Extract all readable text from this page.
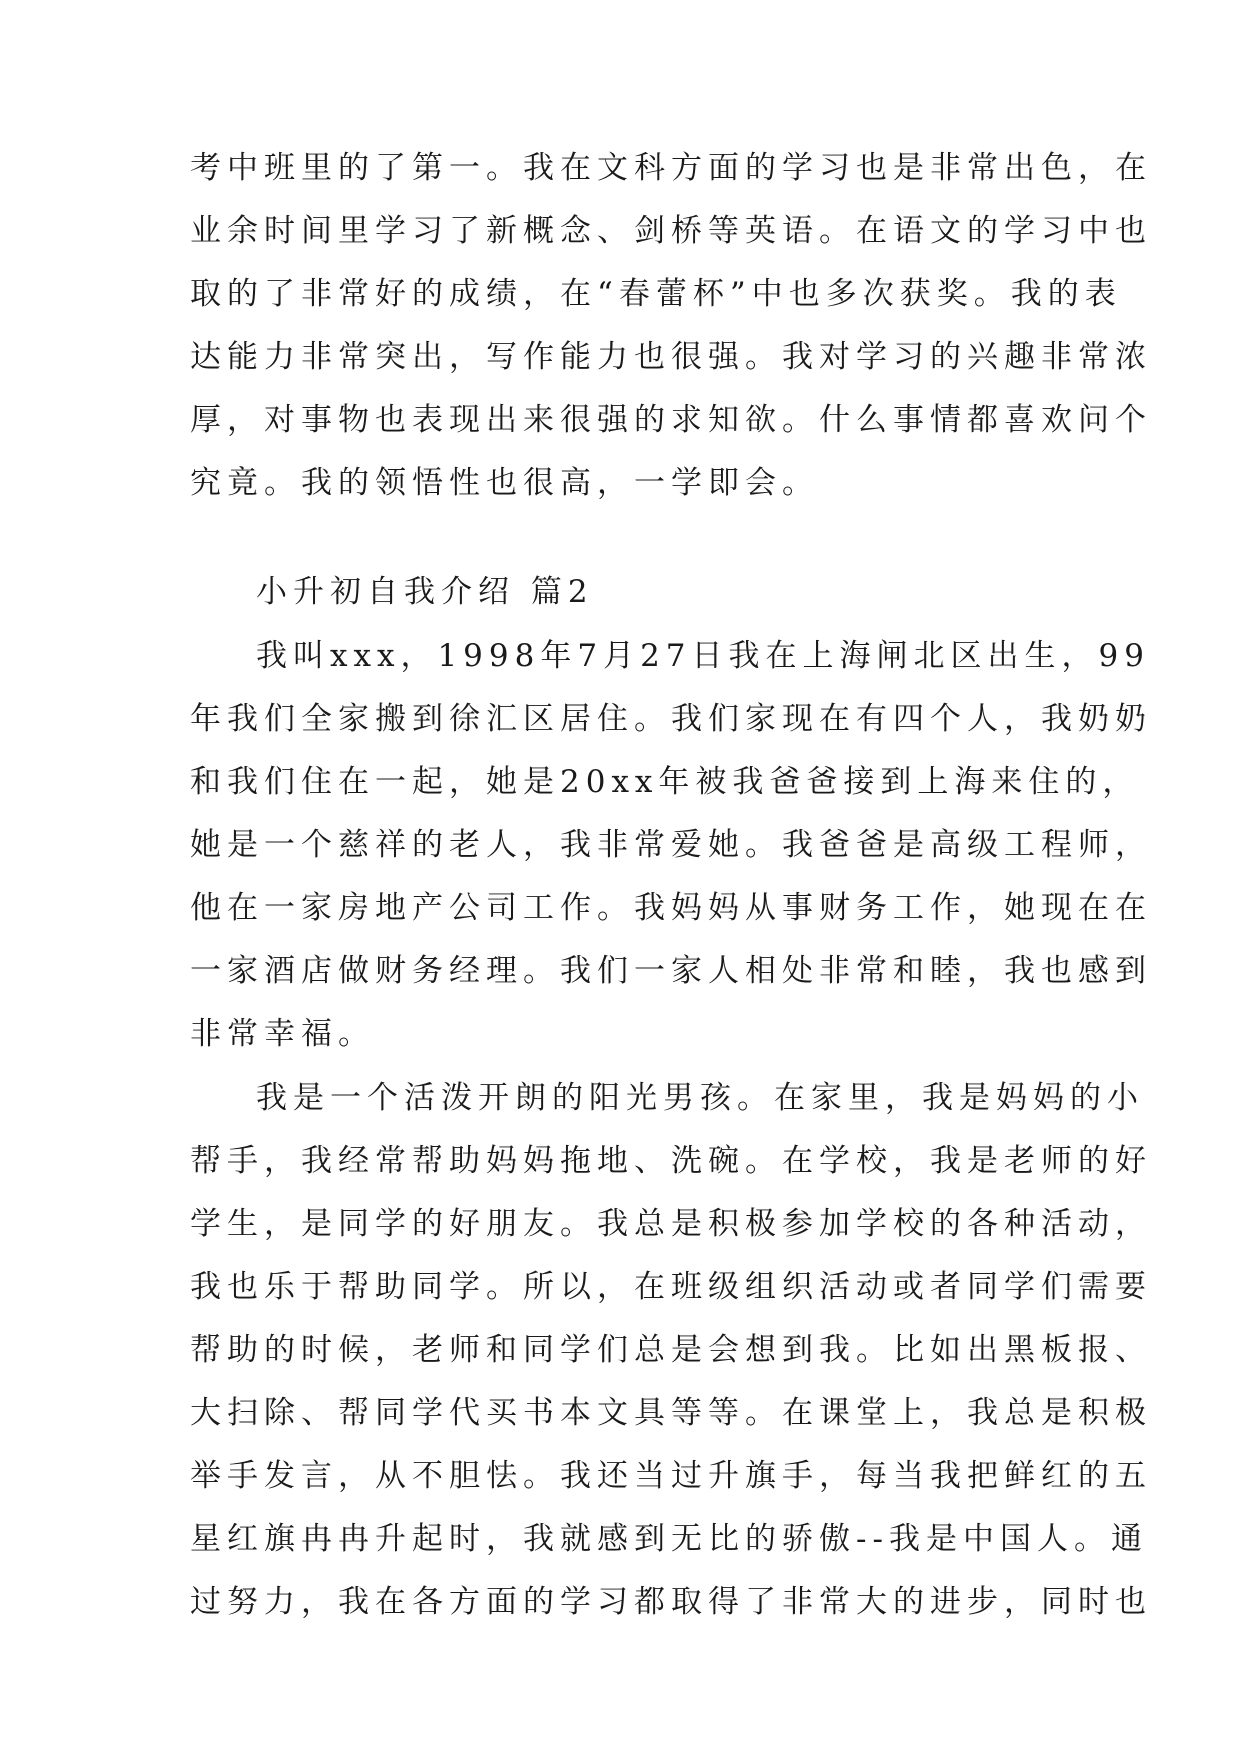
考中班里的了第一。我在文科方面的学习也是非常出色，在
业余时间里学习了新概念、剑桥等英语。在语文的学习中也
取的了非常好的成绩，在“春蕾杯”中也多次获奖。我的表
达能力非常突出，写作能力也很强。我对学习的兴趣非常浓
厚，对事物也表现出来很强的求知欲。什么事情都喜欢问个
究竟。我的领悟性也很高，一学即会。
小升初自我介绍 篇2
我叫xxx，1998年7月27日我在上海闸北区出生，99
年我们全家搬到徐汇区居住。我们家现在有四个人，我奶奶
和我们住在一起，她是20xx年被我爸爸接到上海来住的，
她是一个慈祥的老人，我非常爱她。我爸爸是高级工程师，
他在一家房地产公司工作。我妈妈从事财务工作，她现在在
一家酒店做财务经理。我们一家人相处非常和睦，我也感到
非常幸福。
我是一个活泼开朗的阳光男孩。在家里，我是妈妈的小
帮手，我经常帮助妈妈拖地、洗碗。在学校，我是老师的好
学生，是同学的好朋友。我总是积极参加学校的各种活动，
我也乐于帮助同学。所以，在班级组织活动或者同学们需要
帮助的时候，老师和同学们总是会想到我。比如出黑板报、
大扫除、帮同学代买书本文具等等。在课堂上，我总是积极
举手发言，从不胆怯。我还当过升旗手，每当我把鲜红的五
星红旗冉冉升起时，我就感到无比的骄傲--我是中国人。通
过努力，我在各方面的学习都取得了非常大的进步，同时也
